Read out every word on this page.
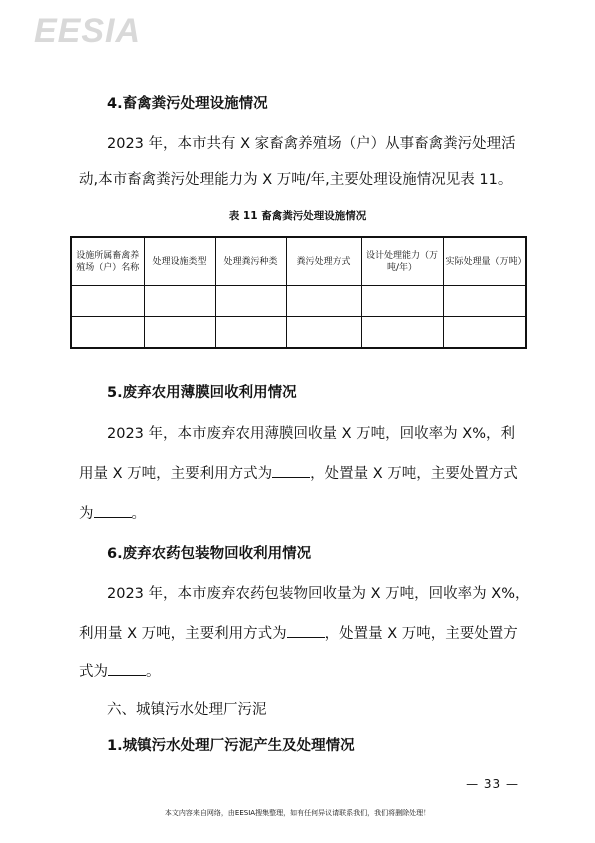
EESIA
4.畜禽粪污处理设施情况
2023 年，本市共有 X 家畜禽养殖场（户）从事畜禽粪污处理活
动,本市畜禽粪污处理能力为 X 万吨/年,主要处理设施情况见表 11。
表 11 畜禽粪污处理设施情况
设施所属畜禽养殖场（户）名称	处理设施类型	处理粪污种类	粪污处理方式	设计处理能力（万吨/年）	实际处理量（万吨）

5.废弃农用薄膜回收利用情况
2023 年，本市废弃农用薄膜回收量 X 万吨，回收率为 X%，利
用量 X 万吨，主要利用方式为	，处置量 X 万吨，主要处置方式
为	。
6.废弃农药包装物回收利用情况
2023 年，本市废弃农药包装物回收量为 X 万吨，回收率为 X%，
利用量 X 万吨，主要利用方式为	，处置量 X 万吨，主要处置方
式为	。
六、城镇污水处理厂污泥
1.城镇污水处理厂污泥产生及处理情况
— 33 —
本文内容来自网络，由EESIA搜集整理，如有任何异议请联系我们，我们将删除处理！
